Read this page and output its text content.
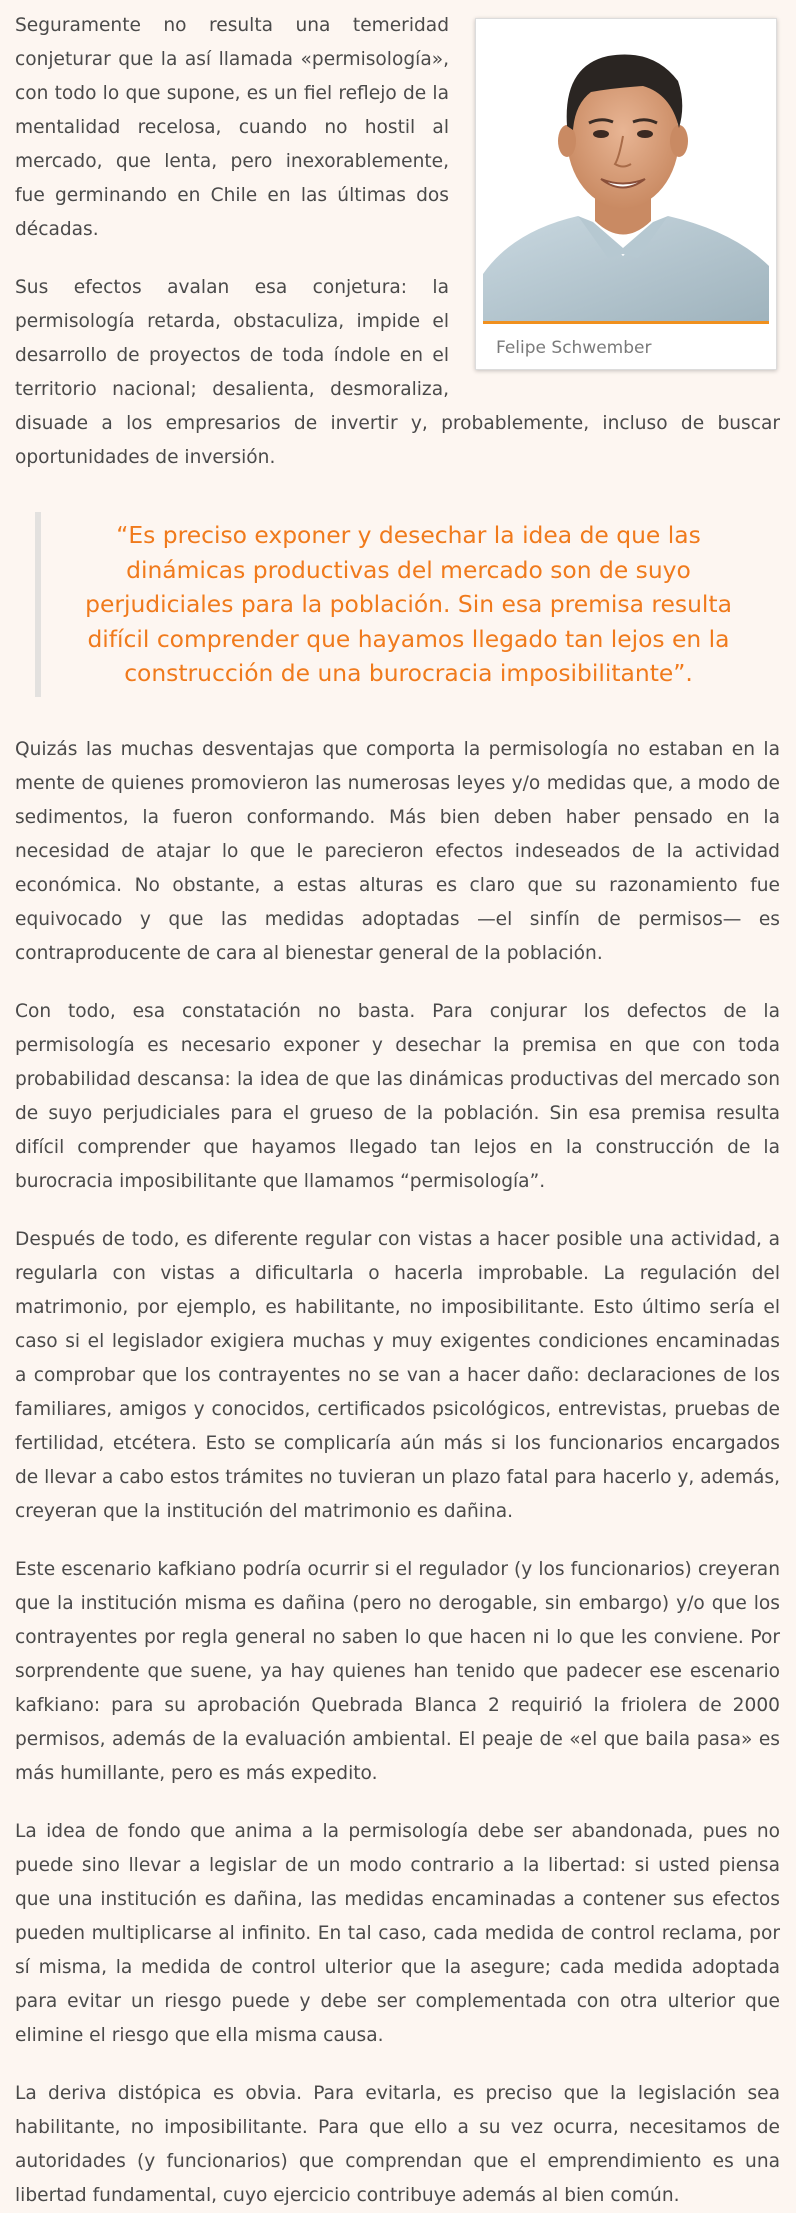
Felipe Schwember

Seguramente no resulta una temeridad conjeturar que la así llamada «permisología», con todo lo que supone, es un fiel reflejo de la mentalidad recelosa, cuando no hostil al mercado, que lenta, pero inexorablemente, fue germinando en Chile en las últimas dos décadas.

Sus efectos avalan esa conjetura: la permisología retarda, obstaculiza, impide el desarrollo de proyectos de toda índole en el territorio nacional; desalienta, desmoraliza, disuade a los empresarios de invertir y, probablemente, incluso de buscar oportunidades de inversión.

“Es preciso exponer y desechar la idea de que las dinámicas productivas del mercado son de suyo perjudiciales para la población. Sin esa premisa resulta difícil comprender que hayamos llegado tan lejos en la construcción de una burocracia imposibilitante”.

Quizás las muchas desventajas que comporta la permisología no estaban en la mente de quienes promovieron las numerosas leyes y/o medidas que, a modo de sedimentos, la fueron conformando. Más bien deben haber pensado en la necesidad de atajar lo que le parecieron efectos indeseados de la actividad económica. No obstante, a estas alturas es claro que su razonamiento fue equivocado y que las medidas adoptadas —el sinfín de permisos— es contraproducente de cara al bienestar general de la población.

Con todo, esa constatación no basta. Para conjurar los defectos de la permisología es necesario exponer y desechar la premisa en que con toda probabilidad descansa: la idea de que las dinámicas productivas del mercado son de suyo perjudiciales para el grueso de la población. Sin esa premisa resulta difícil comprender que hayamos llegado tan lejos en la construcción de la burocracia imposibilitante que llamamos “permisología”.

Después de todo, es diferente regular con vistas a hacer posible una actividad, a regularla con vistas a dificultarla o hacerla improbable. La regulación del matrimonio, por ejemplo, es habilitante, no imposibilitante. Esto último sería el caso si el legislador exigiera muchas y muy exigentes condiciones encaminadas a comprobar que los contrayentes no se van a hacer daño: declaraciones de los familiares, amigos y conocidos, certificados psicológicos, entrevistas, pruebas de fertilidad, etcétera. Esto se complicaría aún más si los funcionarios encargados de llevar a cabo estos trámites no tuvieran un plazo fatal para hacerlo y, además, creyeran que la institución del matrimonio es dañina.

Este escenario kafkiano podría ocurrir si el regulador (y los funcionarios) creyeran que la institución misma es dañina (pero no derogable, sin embargo) y/o que los contrayentes por regla general no saben lo que hacen ni lo que les conviene. Por sorprendente que suene, ya hay quienes han tenido que padecer ese escenario kafkiano: para su aprobación Quebrada Blanca 2 requirió la friolera de 2000 permisos, además de la evaluación ambiental. El peaje de «el que baila pasa» es más humillante, pero es más expedito.

La idea de fondo que anima a la permisología debe ser abandonada, pues no puede sino llevar a legislar de un modo contrario a la libertad: si usted piensa que una institución es dañina, las medidas encaminadas a contener sus efectos pueden multiplicarse al infinito. En tal caso, cada medida de control reclama, por sí misma, la medida de control ulterior que la asegure; cada medida adoptada para evitar un riesgo puede y debe ser complementada con otra ulterior que elimine el riesgo que ella misma causa.

La deriva distópica es obvia. Para evitarla, es preciso que la legislación sea habilitante, no imposibilitante. Para que ello a su vez ocurra, necesitamos de autoridades (y funcionarios) que comprendan que el emprendimiento es una libertad fundamental, cuyo ejercicio contribuye además al bien común.
